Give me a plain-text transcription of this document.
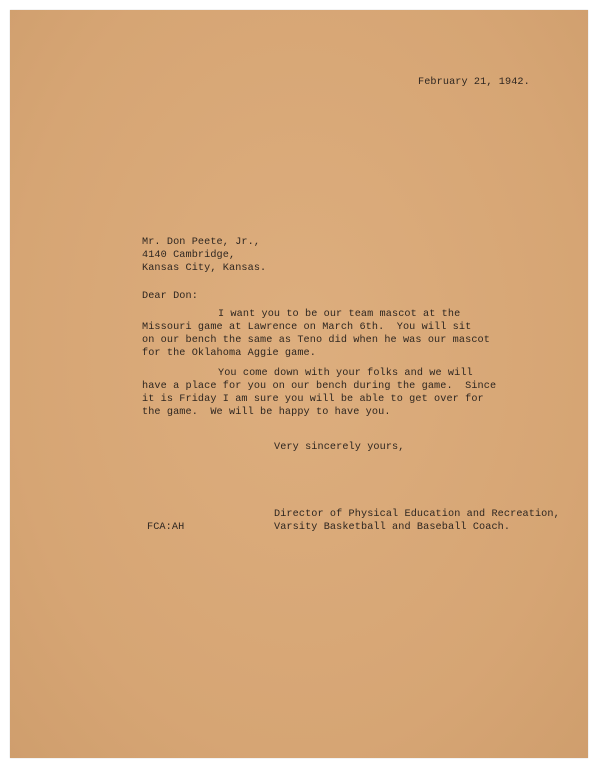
February 21, 1942.
Mr. Don Peete, Jr.,
4140 Cambridge,
Kansas City, Kansas.
Dear Don:
I want you to be our team mascot at the
Missouri game at Lawrence on March 6th.  You will sit
on our bench the same as Teno did when he was our mascot
for the Oklahoma Aggie game.
You come down with your folks and we will
have a place for you on our bench during the game.  Since
it is Friday I am sure you will be able to get over for
the game.  We will be happy to have you.
Very sincerely yours,
Director of Physical Education and Recreation,
Varsity Basketball and Baseball Coach.
FCA:AH
